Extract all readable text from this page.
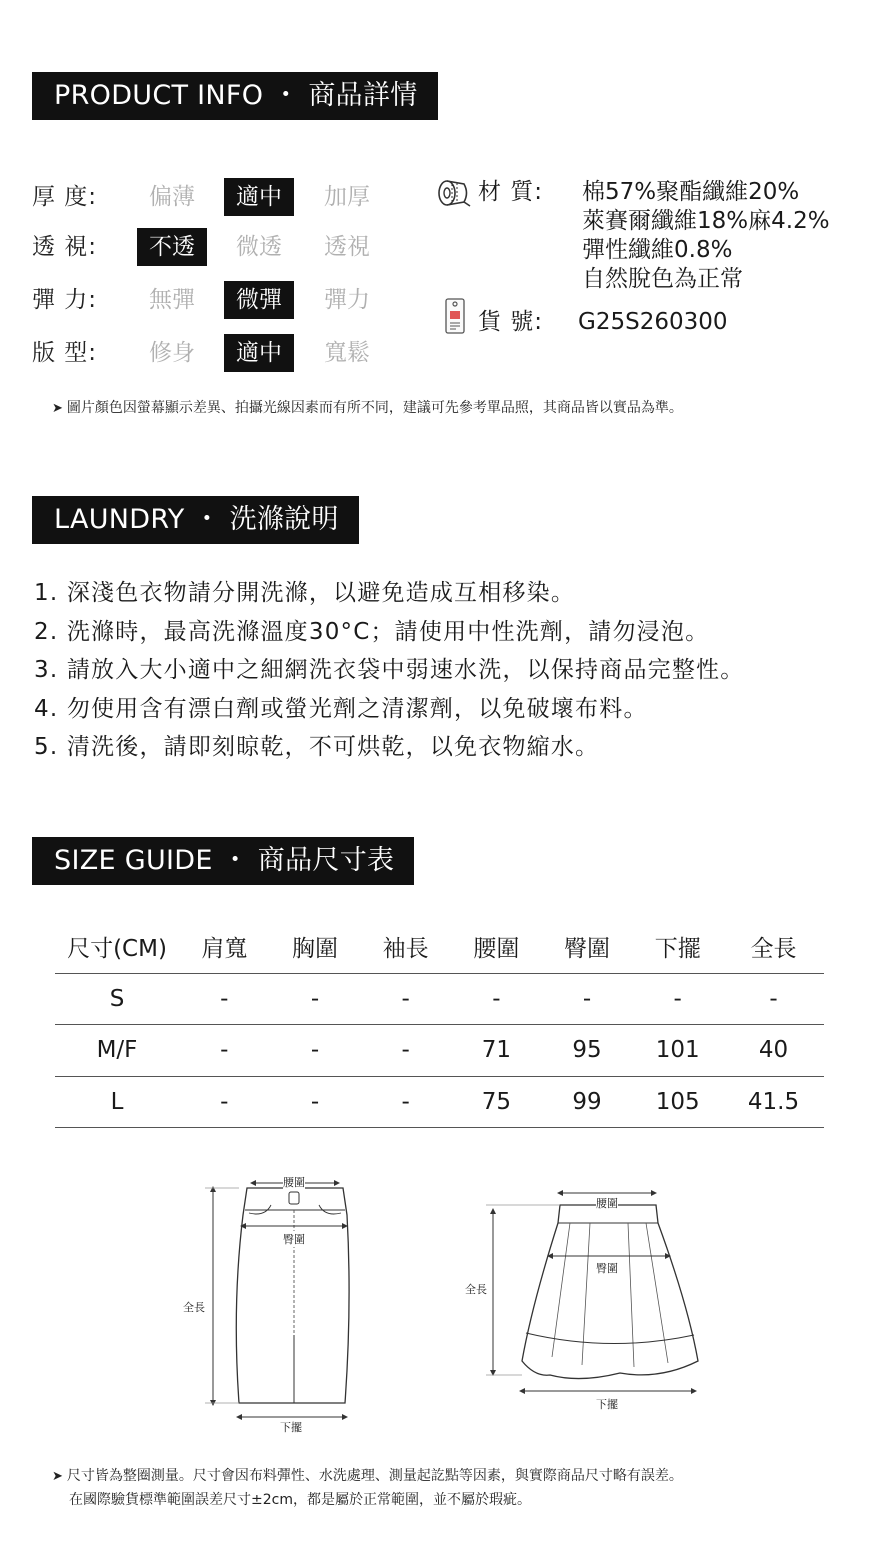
PRODUCT INFO ・ 商品詳情
厚 度:	偏薄	適中	加厚
透 視:	不透	微透	透視
彈 力:	無彈	微彈	彈力
版 型:	修身	適中	寬鬆
材 質: 棉57%聚酯纖維20%
萊賽爾纖維18%麻4.2%
彈性纖維0.8%
自然脫色為正常
貨 號: G25S260300
➤ 圖片顏色因螢幕顯示差異、拍攝光線因素而有所不同，建議可先參考單品照，其商品皆以實品為準。
LAUNDRY ・ 洗滌說明
1. 深淺色衣物請分開洗滌，以避免造成互相移染。
2. 洗滌時，最高洗滌溫度30°C；請使用中性洗劑，請勿浸泡。
3. 請放入大小適中之細網洗衣袋中弱速水洗，以保持商品完整性。
4. 勿使用含有漂白劑或螢光劑之清潔劑，以免破壞布料。
5. 清洗後，請即刻晾乾，不可烘乾，以免衣物縮水。
SIZE GUIDE ・ 商品尺寸表
尺寸(CM)	肩寬	胸圍	袖長	腰圍	臀圍	下擺	全長
S	-	-	-	-	-	-	-
M/F	-	-	-	71	95	101	40
L	-	-	-	75	99	105	41.5
腰圍
臀圍
全長
下擺
腰圍
臀圍
全長
下擺
➤ 尺寸皆為整圈測量。尺寸會因布料彈性、水洗處理、測量起訖點等因素，與實際商品尺寸略有誤差。
在國際驗貨標準範圍誤差尺寸±2cm，都是屬於正常範圍，並不屬於瑕疵。
